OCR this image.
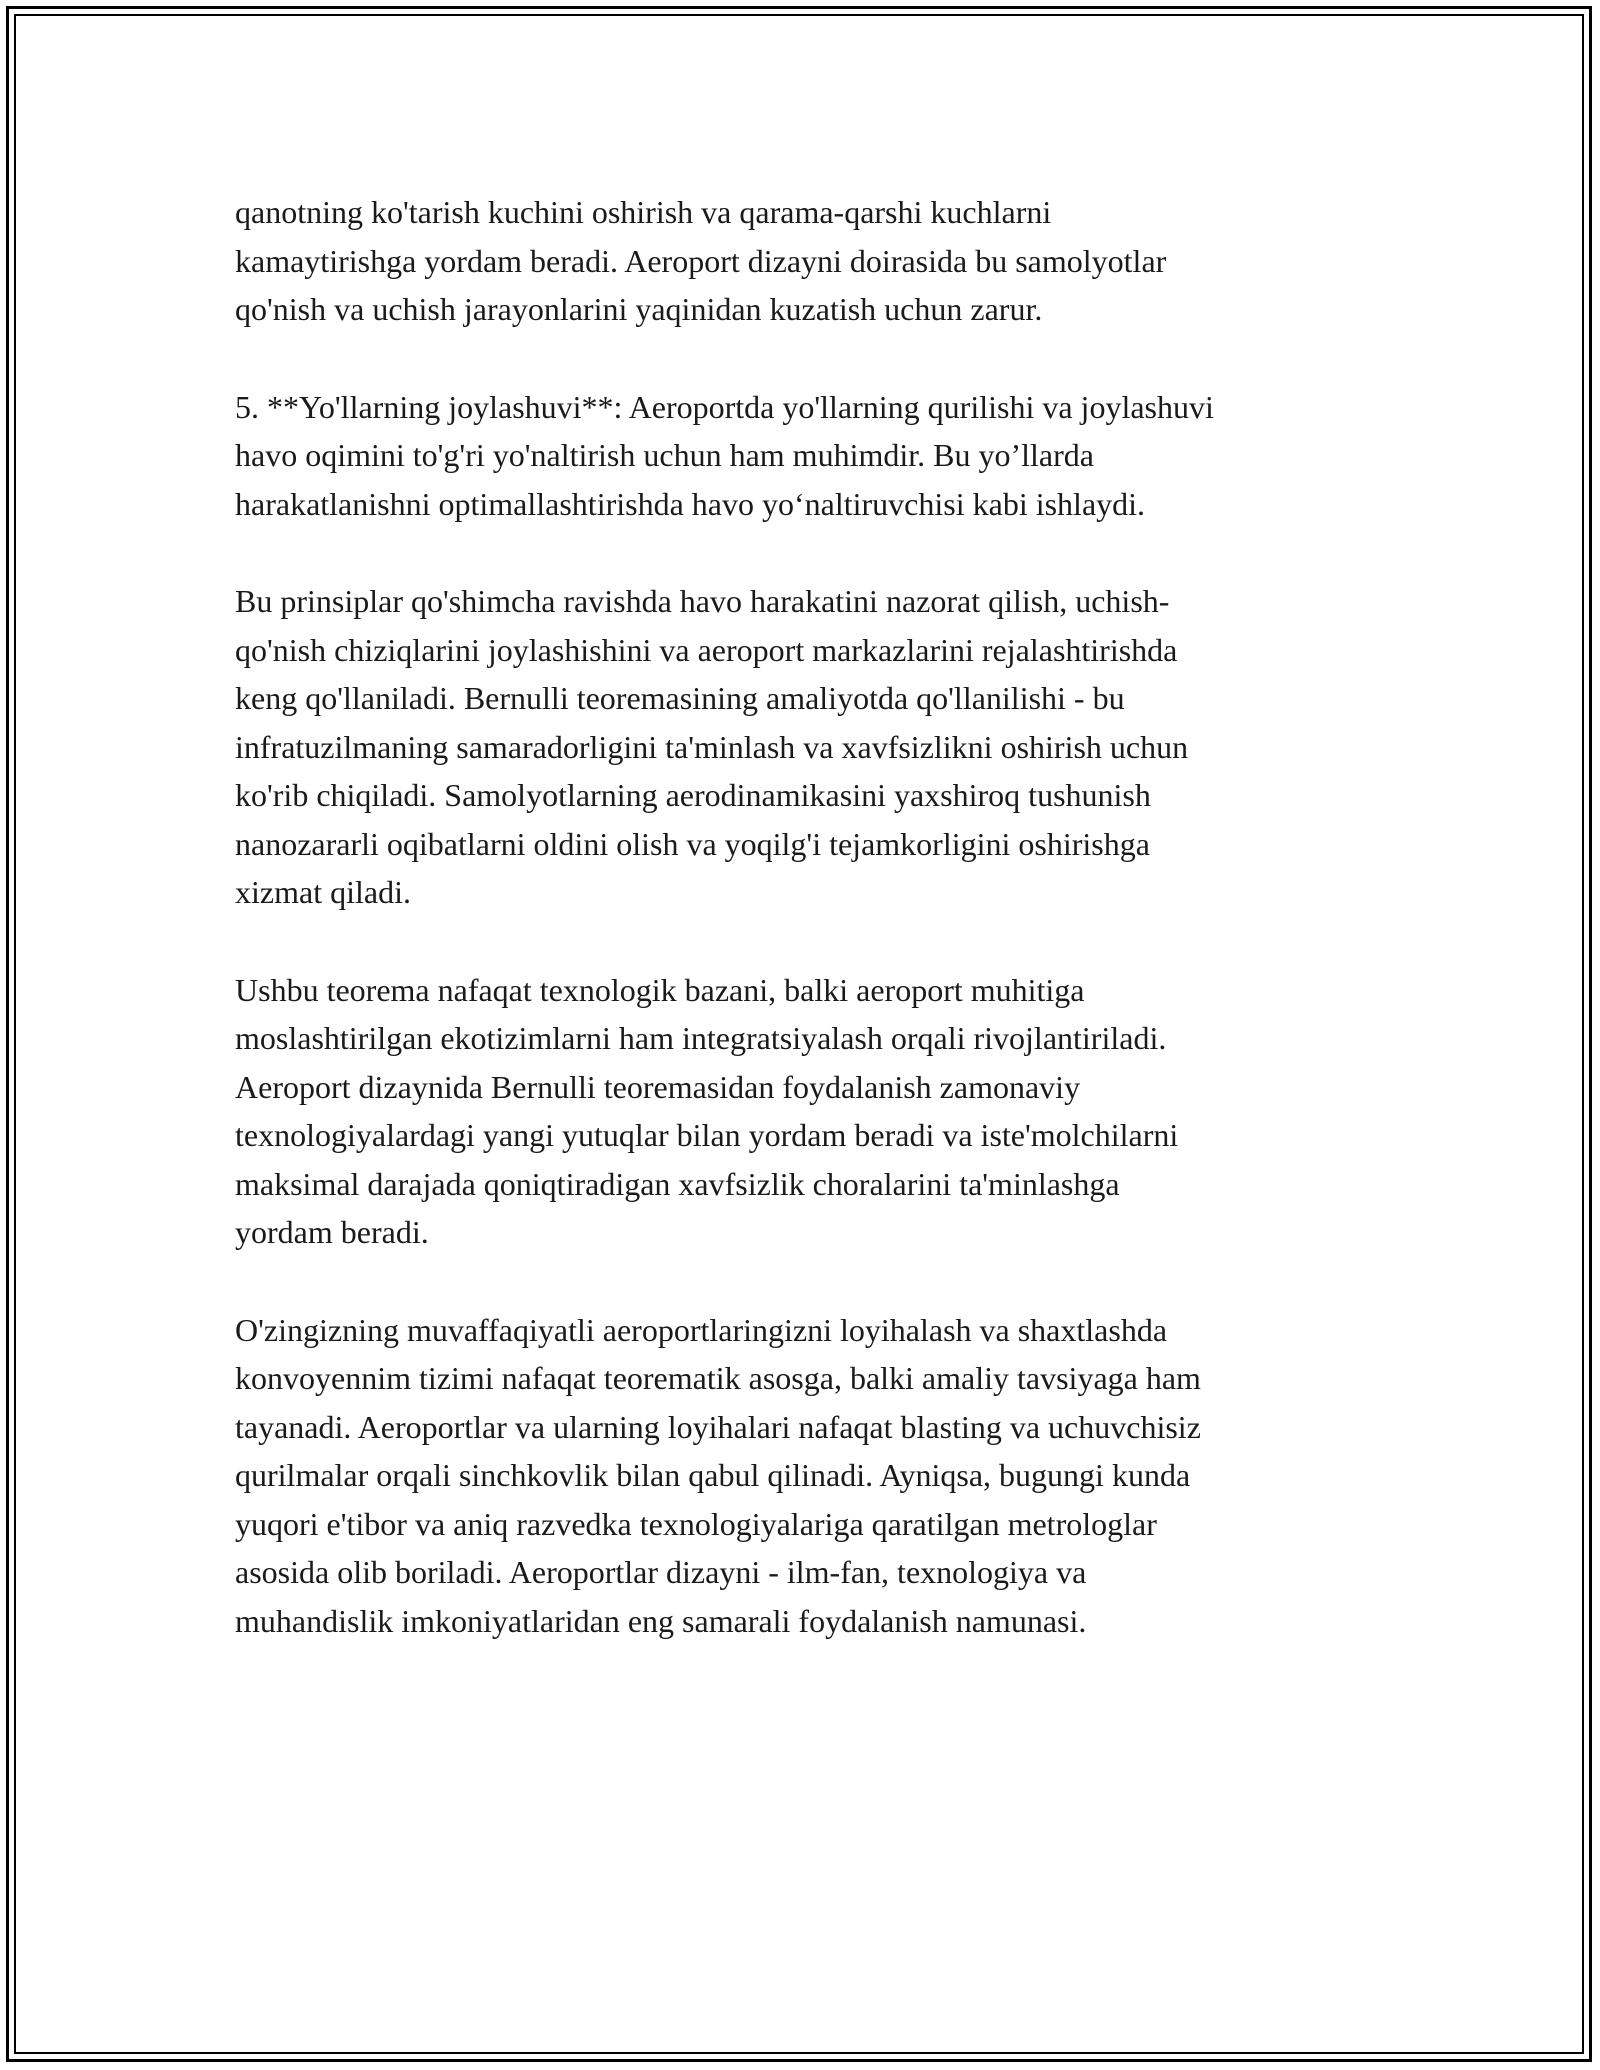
qanotning ko'tarish kuchini oshirish va qarama-qarshi kuchlarni
kamaytirishga yordam beradi. Aeroport dizayni doirasida bu samolyotlar
qo'nish va uchish jarayonlarini yaqinidan kuzatish uchun zarur.

5. **Yo'llarning joylashuvi**: Aeroportda yo'llarning qurilishi va joylashuvi
havo oqimini to'g'ri yo'naltirish uchun ham muhimdir. Bu yo’llarda
harakatlanishni optimallashtirishda havo yo‘naltiruvchisi kabi ishlaydi.

Bu prinsiplar qo'shimcha ravishda havo harakatini nazorat qilish, uchish-
qo'nish chiziqlarini joylashishini va aeroport markazlarini rejalashtirishda
keng qo'llaniladi. Bernulli teoremasining amaliyotda qo'llanilishi - bu
infratuzilmaning samaradorligini ta'minlash va xavfsizlikni oshirish uchun
ko'rib chiqiladi. Samolyotlarning aerodinamikasini yaxshiroq tushunish
nanozararli oqibatlarni oldini olish va yoqilg'i tejamkorligini oshirishga
xizmat qiladi.

Ushbu teorema nafaqat texnologik bazani, balki aeroport muhitiga
moslashtirilgan ekotizimlarni ham integratsiyalash orqali rivojlantiriladi.
Aeroport dizaynida Bernulli teoremasidan foydalanish zamonaviy
texnologiyalardagi yangi yutuqlar bilan yordam beradi va iste'molchilarni
maksimal darajada qoniqtiradigan xavfsizlik choralarini ta'minlashga
yordam beradi.

O'zingizning muvaffaqiyatli aeroportlaringizni loyihalash va shaxtlashda
konvoyennim tizimi nafaqat teorematik asosga, balki amaliy tavsiyaga ham
tayanadi. Aeroportlar va ularning loyihalari nafaqat blasting va uchuvchisiz
qurilmalar orqali sinchkovlik bilan qabul qilinadi. Ayniqsa, bugungi kunda
yuqori e'tibor va aniq razvedka texnologiyalariga qaratilgan metrologlar
asosida olib boriladi. Aeroportlar dizayni - ilm-fan, texnologiya va
muhandislik imkoniyatlaridan eng samarali foydalanish namunasi.
